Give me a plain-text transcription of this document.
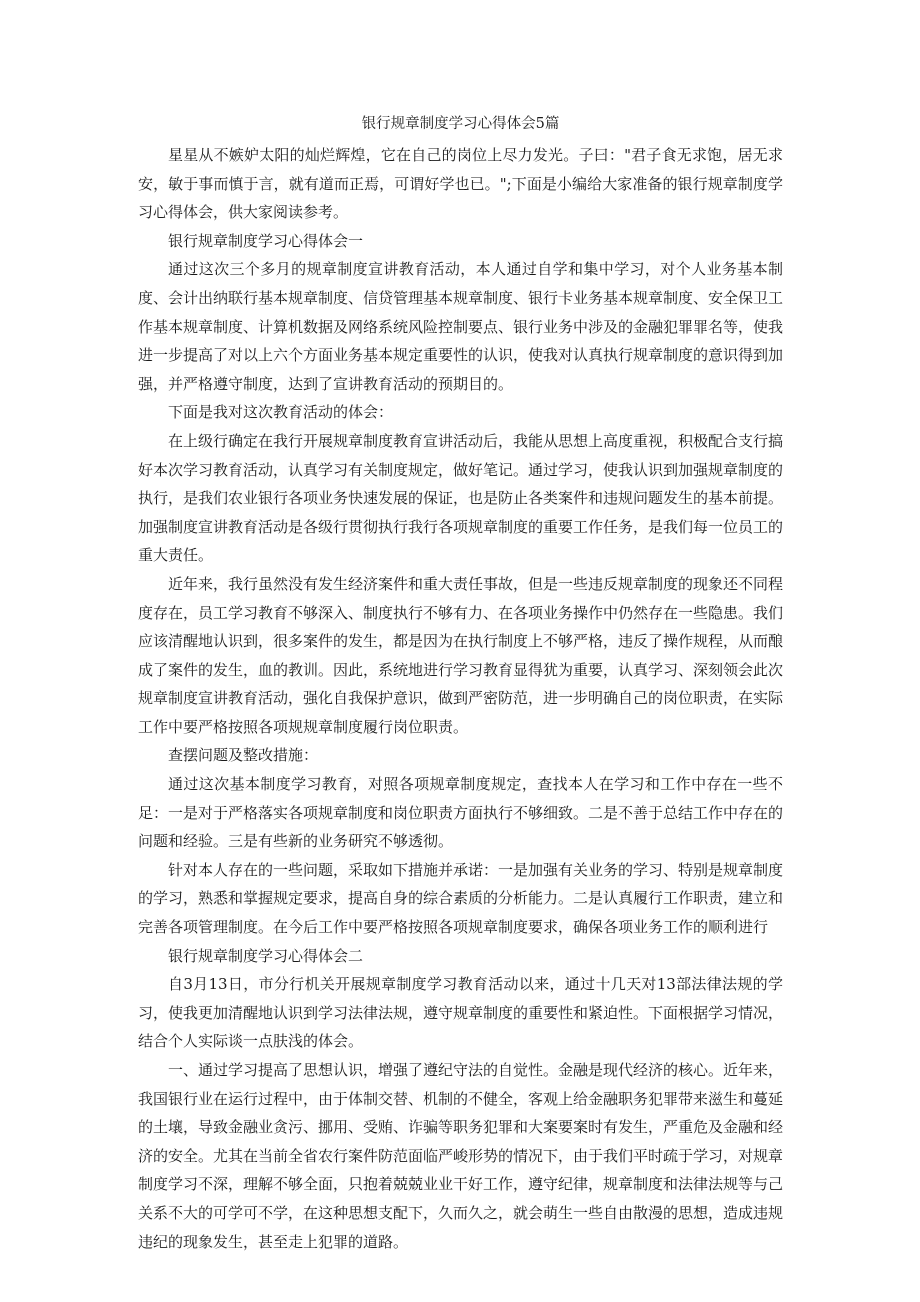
银行规章制度学习心得体会5篇

星星从不嫉妒太阳的灿烂辉煌，它在自己的岗位上尽力发光。子曰："君子食无求饱，居无求安，敏于事而慎于言，就有道而正焉，可谓好学也已。";下面是小编给大家准备的银行规章制度学习心得体会，供大家阅读参考。

银行规章制度学习心得体会一

通过这次三个多月的规章制度宣讲教育活动，本人通过自学和集中学习，对个人业务基本制度、会计出纳联行基本规章制度、信贷管理基本规章制度、银行卡业务基本规章制度、安全保卫工作基本规章制度、计算机数据及网络系统风险控制要点、银行业务中涉及的金融犯罪罪名等，使我进一步提高了对以上六个方面业务基本规定重要性的认识，使我对认真执行规章制度的意识得到加强，并严格遵守制度，达到了宣讲教育活动的预期目的。

下面是我对这次教育活动的体会：

在上级行确定在我行开展规章制度教育宣讲活动后，我能从思想上高度重视，积极配合支行搞好本次学习教育活动，认真学习有关制度规定，做好笔记。通过学习，使我认识到加强规章制度的执行，是我们农业银行各项业务快速发展的保证，也是防止各类案件和违规问题发生的基本前提。加强制度宣讲教育活动是各级行贯彻执行我行各项规章制度的重要工作任务，是我们每一位员工的重大责任。

近年来，我行虽然没有发生经济案件和重大责任事故，但是一些违反规章制度的现象还不同程度存在，员工学习教育不够深入、制度执行不够有力、在各项业务操作中仍然存在一些隐患。我们应该清醒地认识到，很多案件的发生，都是因为在执行制度上不够严格，违反了操作规程，从而酿成了案件的发生，血的教训。因此，系统地进行学习教育显得犹为重要，认真学习、深刻领会此次规章制度宣讲教育活动，强化自我保护意识，做到严密防范，进一步明确自己的岗位职责，在实际工作中要严格按照各项规规章制度履行岗位职责。

查摆问题及整改措施：

通过这次基本制度学习教育，对照各项规章制度规定，查找本人在学习和工作中存在一些不足：一是对于严格落实各项规章制度和岗位职责方面执行不够细致。二是不善于总结工作中存在的问题和经验。三是有些新的业务研究不够透彻。

针对本人存在的一些问题，采取如下措施并承诺：一是加强有关业务的学习、特别是规章制度的学习，熟悉和掌握规定要求，提高自身的综合素质的分析能力。二是认真履行工作职责，建立和完善各项管理制度。在今后工作中要严格按照各项规章制度要求，确保各项业务工作的顺利进行

银行规章制度学习心得体会二

自3月13日，市分行机关开展规章制度学习教育活动以来，通过十几天对13部法律法规的学习，使我更加清醒地认识到学习法律法规，遵守规章制度的重要性和紧迫性。下面根据学习情况，结合个人实际谈一点肤浅的体会。

一、通过学习提高了思想认识，增强了遵纪守法的自觉性。金融是现代经济的核心。近年来，我国银行业在运行过程中，由于体制交替、机制的不健全，客观上给金融职务犯罪带来滋生和蔓延的土壤，导致金融业贪污、挪用、受贿、诈骗等职务犯罪和大案要案时有发生，严重危及金融和经济的安全。尤其在当前全省农行案件防范面临严峻形势的情况下，由于我们平时疏于学习，对规章制度学习不深，理解不够全面，只抱着兢兢业业干好工作，遵守纪律，规章制度和法律法规等与己关系不大的可学可不学，在这种思想支配下，久而久之，就会萌生一些自由散漫的思想，造成违规违纪的现象发生，甚至走上犯罪的道路。
